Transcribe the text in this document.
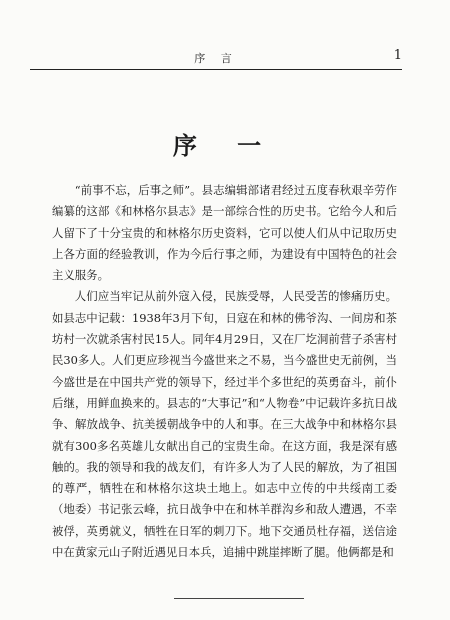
序 言	1
序 一

“前事不忘，后事之师”。县志编辑部诸君经过五度春秋艰辛劳作编纂的这部《和林格尔县志》是一部综合性的历史书。它给今人和后人留下了十分宝贵的和林格尔历史资料，它可以使人们从中记取历史上各方面的经验教训，作为今后行事之师，为建设有中国特色的社会主义服务。

人们应当牢记从前外寇入侵，民族受辱，人民受苦的惨痛历史。如县志中记载：1938年3月下旬，日寇在和林的佛爷沟、一间房和茶坊村一次就杀害村民15人。同年4月29日，又在厂圪洞前营子杀害村民30多人。人们更应珍视当今盛世来之不易，当今盛世史无前例，当今盛世是在中国共产党的领导下，经过半个多世纪的英勇奋斗，前仆后继，用鲜血换来的。县志的“大事记”和“人物卷”中记载许多抗日战争、解放战争、抗美援朝战争中的人和事。在三大战争中和林格尔县就有300多名英雄儿女献出自己的宝贵生命。在这方面，我是深有感触的。我的领导和我的战友们，有许多人为了人民的解放，为了祖国的尊严，牺牲在和林格尔这块土地上。如志中立传的中共绥南工委（地委）书记张云峰，抗日战争中在和林羊群沟乡和敌人遭遇，不幸被俘，英勇就义，牺牲在日军的刺刀下。地下交通员杜存福，送信途中在黄家元山子附近遇见日本兵，追捕中跳崖摔断了腿。他俩都是和
